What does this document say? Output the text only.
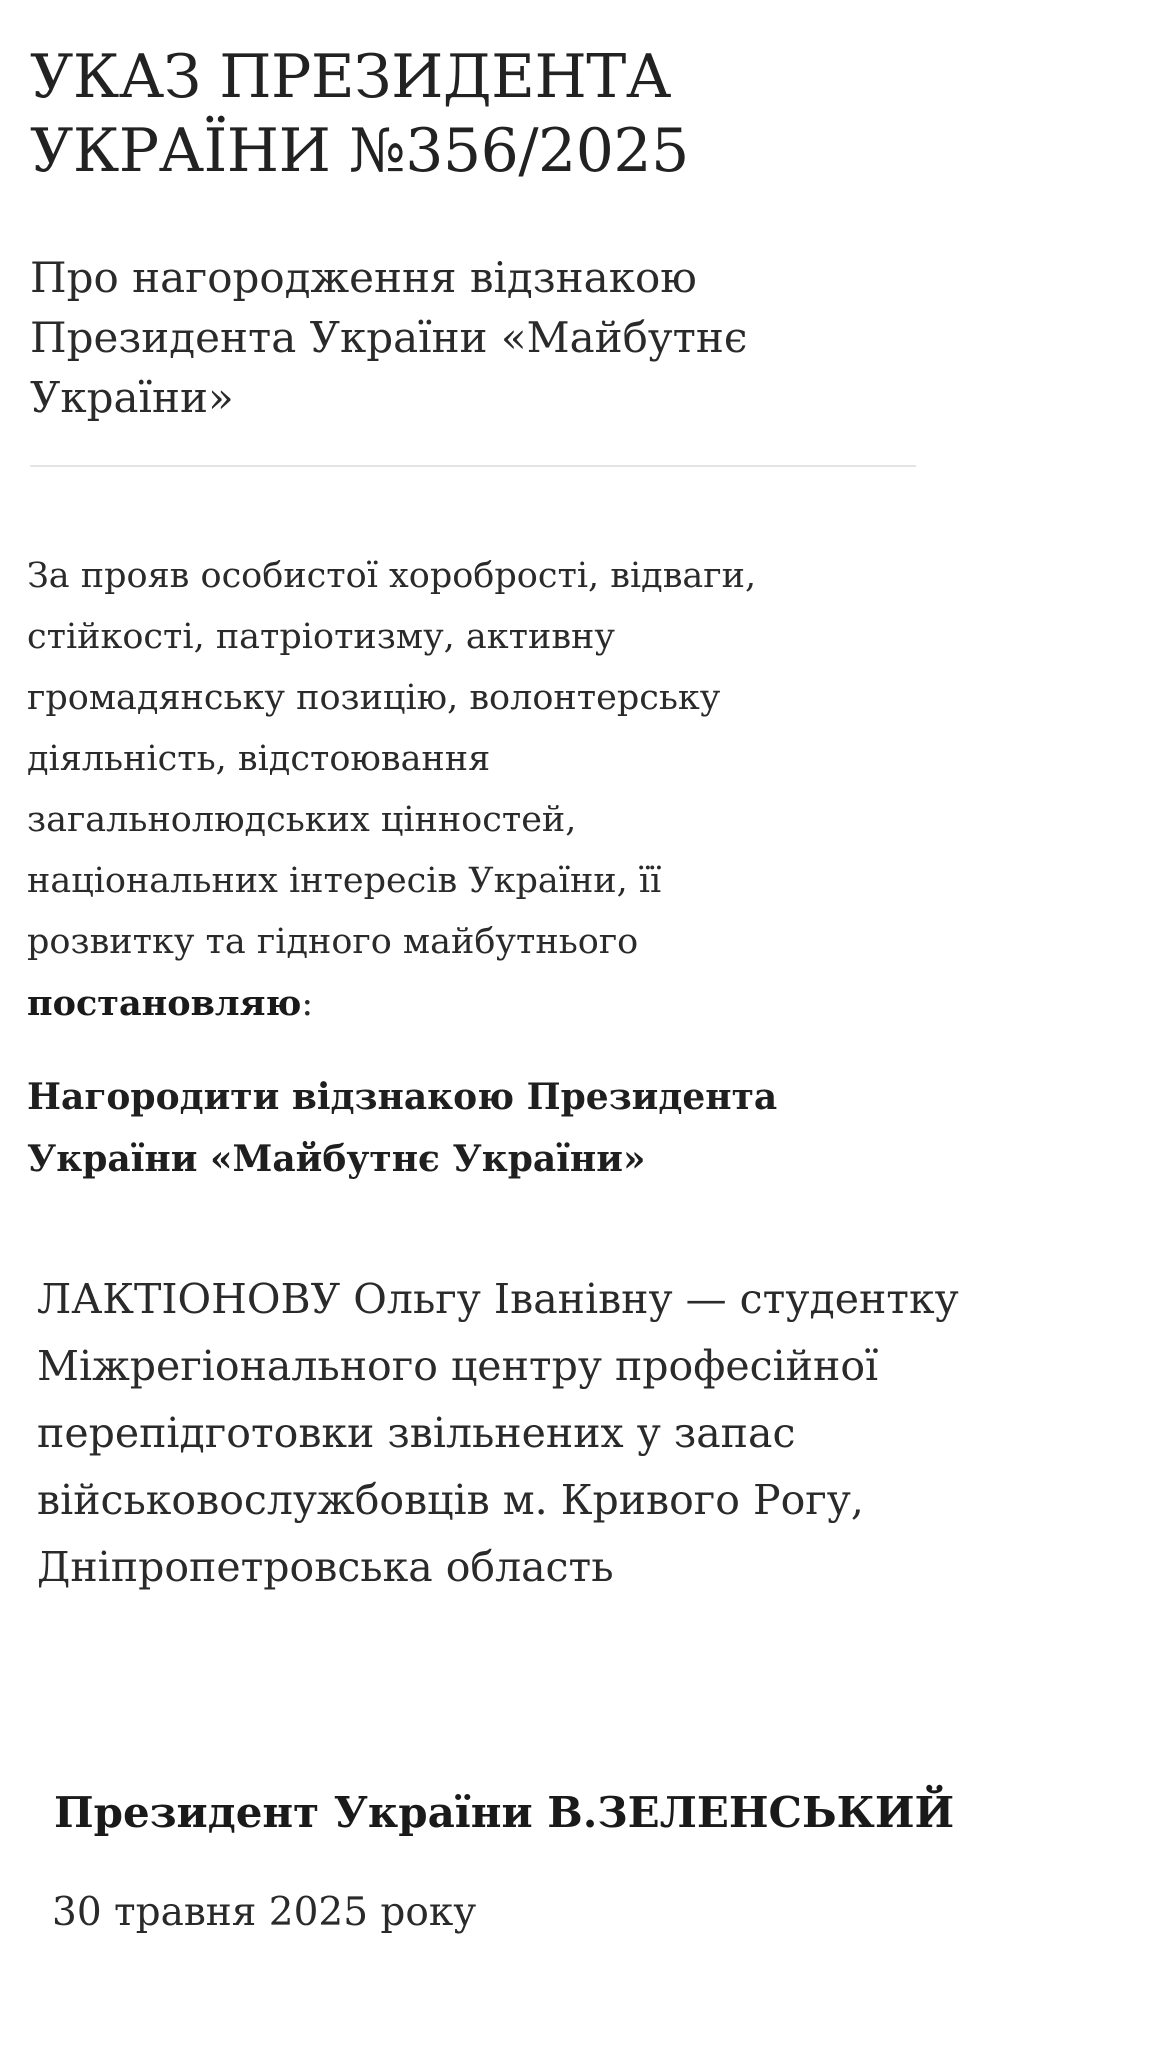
УКАЗ ПРЕЗИДЕНТА
УКРАЇНИ №356/2025
Про нагородження відзнакою
Президента України «Майбутнє
України»

За прояв особистої хоробрості, відваги,
стійкості, патріотизму, активну
громадянську позицію, волонтерську
діяльність, відстоювання
загальнолюдських цінностей,
національних інтересів України, її
розвитку та гідного майбутнього
постановляю:

Нагородити відзнакою Президента
України «Майбутнє України»

ЛАКТІОНОВУ Ольгу Іванівну — студентку
Міжрегіонального центру професійної
перепідготовки звільнених у запас
військовослужбовців м. Кривого Рогу,
Дніпропетровська область

Президент України В.ЗЕЛЕНСЬКИЙ

30 травня 2025 року
